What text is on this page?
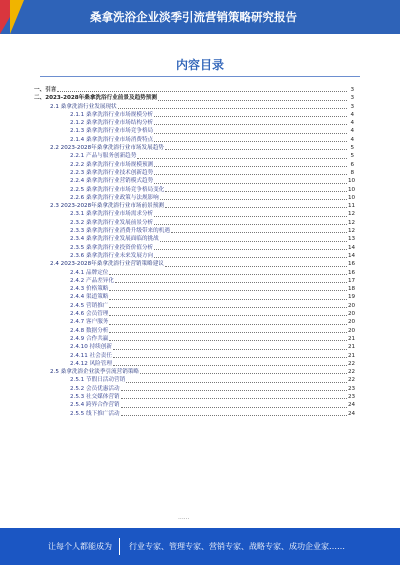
桑拿洗浴企业淡季引流营销策略研究报告
内容目录
一、引言	3
二、2023-2028年桑拿洗浴行业前景及趋势预测	3
2.1 桑拿洗浴行业发展现状	3
2.1.1 桑拿洗浴行业市场规模分析	4
2.1.2 桑拿洗浴行业市场结构分析	4
2.1.3 桑拿洗浴行业市场竞争格局	4
2.1.4 桑拿洗浴行业市场消费特点	4
2.2 2023-2028年桑拿洗浴行业市场发展趋势	5
2.2.1 产品与服务创新趋势	5
2.2.2 桑拿洗浴行业市场规模预测	6
2.2.3 桑拿洗浴行业技术创新趋势	8
2.2.4 桑拿洗浴行业营销模式趋势	10
2.2.5 桑拿洗浴行业市场竞争格局变化	10
2.2.6 桑拿洗浴行业政策与法规影响	10
2.3 2023-2028年桑拿洗浴行业市场前景预测	11
2.3.1 桑拿洗浴行业市场需求分析	12
2.3.2 桑拿洗浴行业发展前景分析	12
2.3.3 桑拿洗浴行业消费升级带来的机遇	12
2.3.4 桑拿洗浴行业发展面临的挑战	13
2.3.5 桑拿洗浴行业投资价值分析	14
2.3.6 桑拿洗浴行业未来发展方向	14
2.4 2023-2028年桑拿洗浴行业营销策略建议	16
2.4.1 品牌定位	16
2.4.2 产品差异化	17
2.4.3 价格策略	18
2.4.4 渠道策略	19
2.4.5 营销推广	20
2.4.6 会员管理	20
2.4.7 客户服务	20
2.4.8 数据分析	20
2.4.9 合作共赢	21
2.4.10 持续创新	21
2.4.11 社会责任	21
2.4.12 风险管理	22
2.5 桑拿洗浴企业淡季引流营销策略	22
2.5.1 节假日活动营销	22
2.5.2 会员优惠活动	23
2.5.3 社交媒体营销	23
2.5.4 跨界合作营销	24
2.5.5 线下推广活动	24
......
让每个人都能成为 行业专家、管理专家、营销专家、战略专家、成功企业家……
